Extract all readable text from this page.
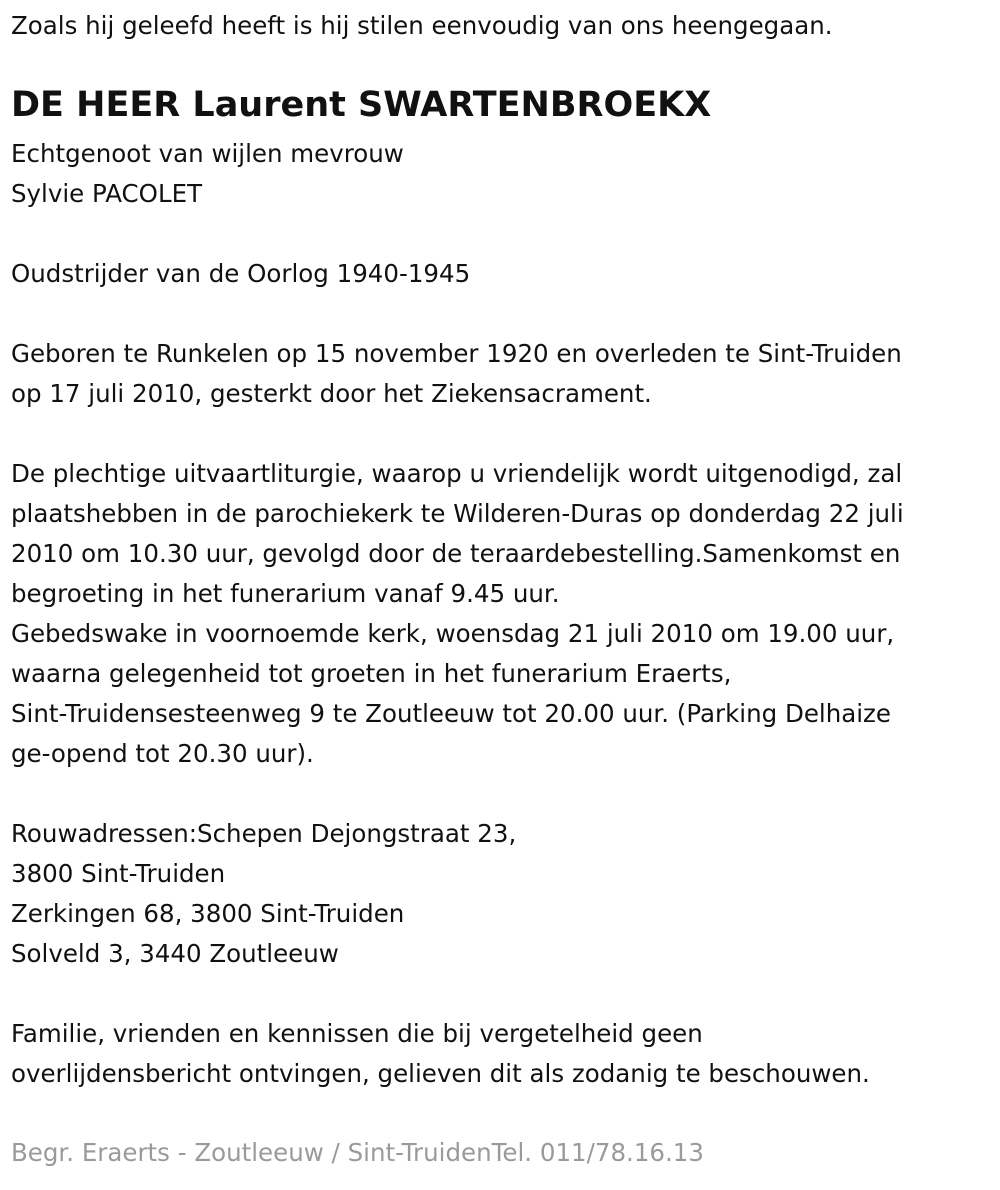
Zoals hij geleefd heeft is hij stilen eenvoudig van ons heengegaan.
DE HEER Laurent SWARTENBROEKX
Echtgenoot van wijlen mevrouw
Sylvie PACOLET
Oudstrijder van de Oorlog 1940-1945
Geboren te Runkelen op 15 november 1920 en overleden te Sint-Truiden
op 17 juli 2010, gesterkt door het Ziekensacrament.
De plechtige uitvaartliturgie, waarop u vriendelijk wordt uitgenodigd, zal
plaatshebben in de parochiekerk te Wilderen-Duras op donderdag 22 juli
2010 om 10.30 uur, gevolgd door de teraardebestelling.Samenkomst en
begroeting in het funerarium vanaf 9.45 uur.
Gebedswake in voornoemde kerk, woensdag 21 juli 2010 om 19.00 uur,
waarna gelegenheid tot groeten in het funerarium Eraerts,
Sint-Truidensesteenweg 9 te Zoutleeuw tot 20.00 uur. (Parking Delhaize
ge-opend tot 20.30 uur).
Rouwadressen:Schepen Dejongstraat 23,
3800 Sint-Truiden
Zerkingen 68, 3800 Sint-Truiden
Solveld 3, 3440 Zoutleeuw
Familie, vrienden en kennissen die bij vergetelheid geen
overlijdensbericht ontvingen, gelieven dit als zodanig te beschouwen.
Begr. Eraerts - Zoutleeuw / Sint-TruidenTel. 011/78.16.13
